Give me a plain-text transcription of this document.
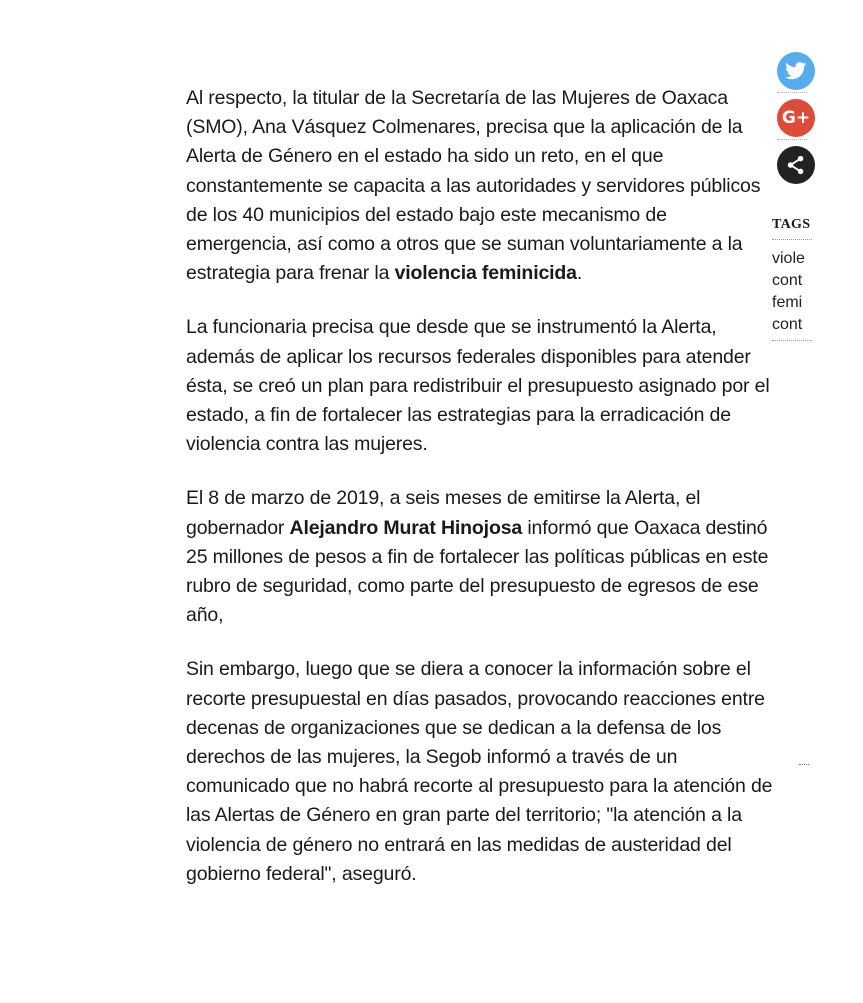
Al respecto, la titular de la Secretaría de las Mujeres de Oaxaca (SMO), Ana Vásquez Colmenares, precisa que la aplicación de la Alerta de Género en el estado ha sido un reto, en el que constantemente se capacita a las autoridades y servidores públicos de los 40 municipios del estado bajo este mecanismo de emergencia, así como a otros que se suman voluntariamente a la estrategia para frenar la violencia feminicida.

La funcionaria precisa que desde que se instrumentó la Alerta, además de aplicar los recursos federales disponibles para atender ésta, se creó un plan para redistribuir el presupuesto asignado por el estado, a fin de fortalecer las estrategias para la erradicación de violencia contra las mujeres.

El 8 de marzo de 2019, a seis meses de emitirse la Alerta, el gobernador Alejandro Murat Hinojosa informó que Oaxaca destinó 25 millones de pesos a fin de fortalecer las políticas públicas en este rubro de seguridad, como parte del presupuesto de egresos de ese año,

Sin embargo, luego que se diera a conocer la información sobre el recorte presupuestal en días pasados, provocando reacciones entre decenas de organizaciones que se dedican a la defensa de los derechos de las mujeres, la Segob informó a través de un comunicado que no habrá recorte al presupuesto para la atención de las Alertas de Género en gran parte del territorio; "la atención a la violencia de género no entrará en las medidas de austeridad del gobierno federal", aseguró.

G+
TAGS
viole
cont
femi
cont
